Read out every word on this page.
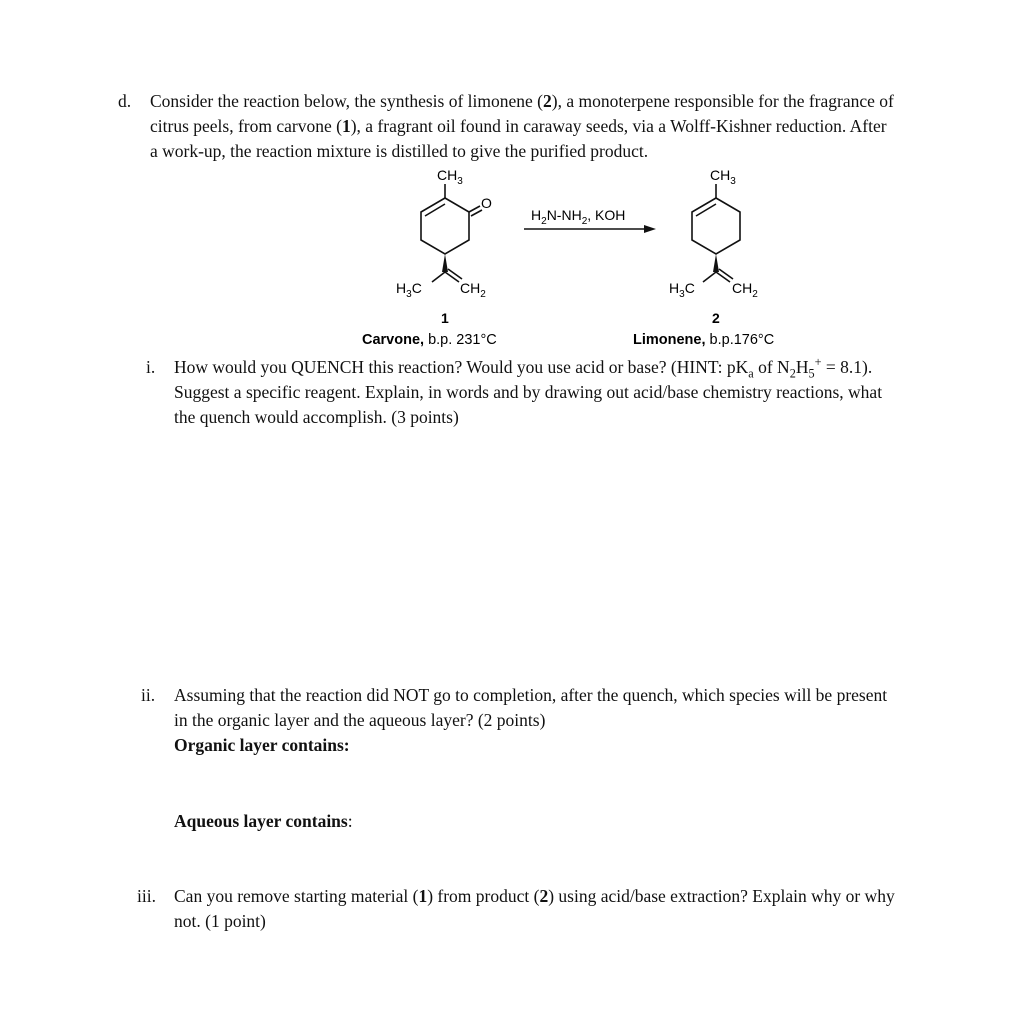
d. Consider the reaction below, the synthesis of limonene (2), a monoterpene responsible for the fragrance of
citrus peels, from carvone (1), a fragrant oil found in caraway seeds, via a Wolff-Kishner reduction. After
a work-up, the reaction mixture is distilled to give the purified product.
$CH_3$
O
$H_3C$	$CH_2$
$H_2N-NH_2$, KOH
$CH_3$
$H_3C$	$CH_2$
1
Carvone, b.p. 231°C
2
Limonene, b.p.176°C
i. How would you QUENCH this reaction? Would you use acid or base? (HINT: $pK_a$ of $N_2H_5^+ = 8.1$).
Suggest a specific reagent. Explain, in words and by drawing out acid/base chemistry reactions, what
the quench would accomplish. (3 points)
ii. Assuming that the reaction did NOT go to completion, after the quench, which species will be present
in the organic layer and the aqueous layer? (2 points)
Organic layer contains:
Aqueous layer contains:
iii. Can you remove starting material (1) from product (2) using acid/base extraction? Explain why or why
not. (1 point)
